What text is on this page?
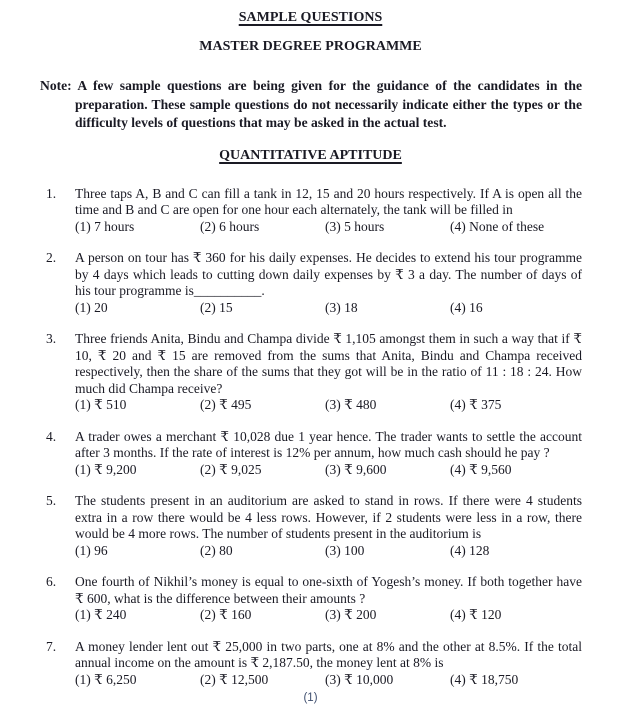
SAMPLE QUESTIONS

MASTER DEGREE PROGRAMME

Note: A few sample questions are being given for the guidance of the candidates in the preparation. These sample questions do not necessarily indicate either the types or the difficulty levels of questions that may be asked in the actual test.

QUANTITATIVE APTITUDE

1.	Three taps A, B and C can fill a tank in 12, 15 and 20 hours respectively. If A is open all the time and B and C are open for one hour each alternately, the tank will be filled in
(1) 7 hours	(2) 6 hours	(3) 5 hours	(4) None of these
2.	A person on tour has ₹ 360 for his daily expenses. He decides to extend his tour programme by 4 days which leads to cutting down daily expenses by ₹ 3 a day. The number of days of his tour programme is__________.
(1) 20	(2) 15	(3) 18	(4) 16
3.	Three friends Anita, Bindu and Champa divide ₹ 1,105 amongst them in such a way that if ₹ 10, ₹ 20 and ₹ 15 are removed from the sums that Anita, Bindu and Champa received respectively, then the share of the sums that they got will be in the ratio of 11 : 18 : 24. How much did Champa receive?
(1) ₹ 510	(2) ₹ 495	(3) ₹ 480	(4) ₹ 375
4.	A trader owes a merchant ₹ 10,028 due 1 year hence. The trader wants to settle the account after 3 months. If the rate of interest is 12% per annum, how much cash should he pay ?
(1) ₹ 9,200	(2) ₹ 9,025	(3) ₹ 9,600	(4) ₹ 9,560
5.	The students present in an auditorium are asked to stand in rows. If there were 4 students extra in a row there would be 4 less rows. However, if 2 students were less in a row, there would be 4 more rows. The number of students present in the auditorium is
(1) 96	(2) 80	(3) 100	(4) 128
6.	One fourth of Nikhil’s money is equal to one-sixth of Yogesh’s money. If both together have ₹ 600, what is the difference between their amounts ?
(1) ₹ 240	(2) ₹ 160	(3) ₹ 200	(4) ₹ 120
7.	A money lender lent out ₹ 25,000 in two parts, one at 8% and the other at 8.5%. If the total annual income on the amount is ₹ 2,187.50, the money lent at 8% is
(1) ₹ 6,250	(2) ₹ 12,500	(3) ₹ 10,000	(4) ₹ 18,750
(1)
